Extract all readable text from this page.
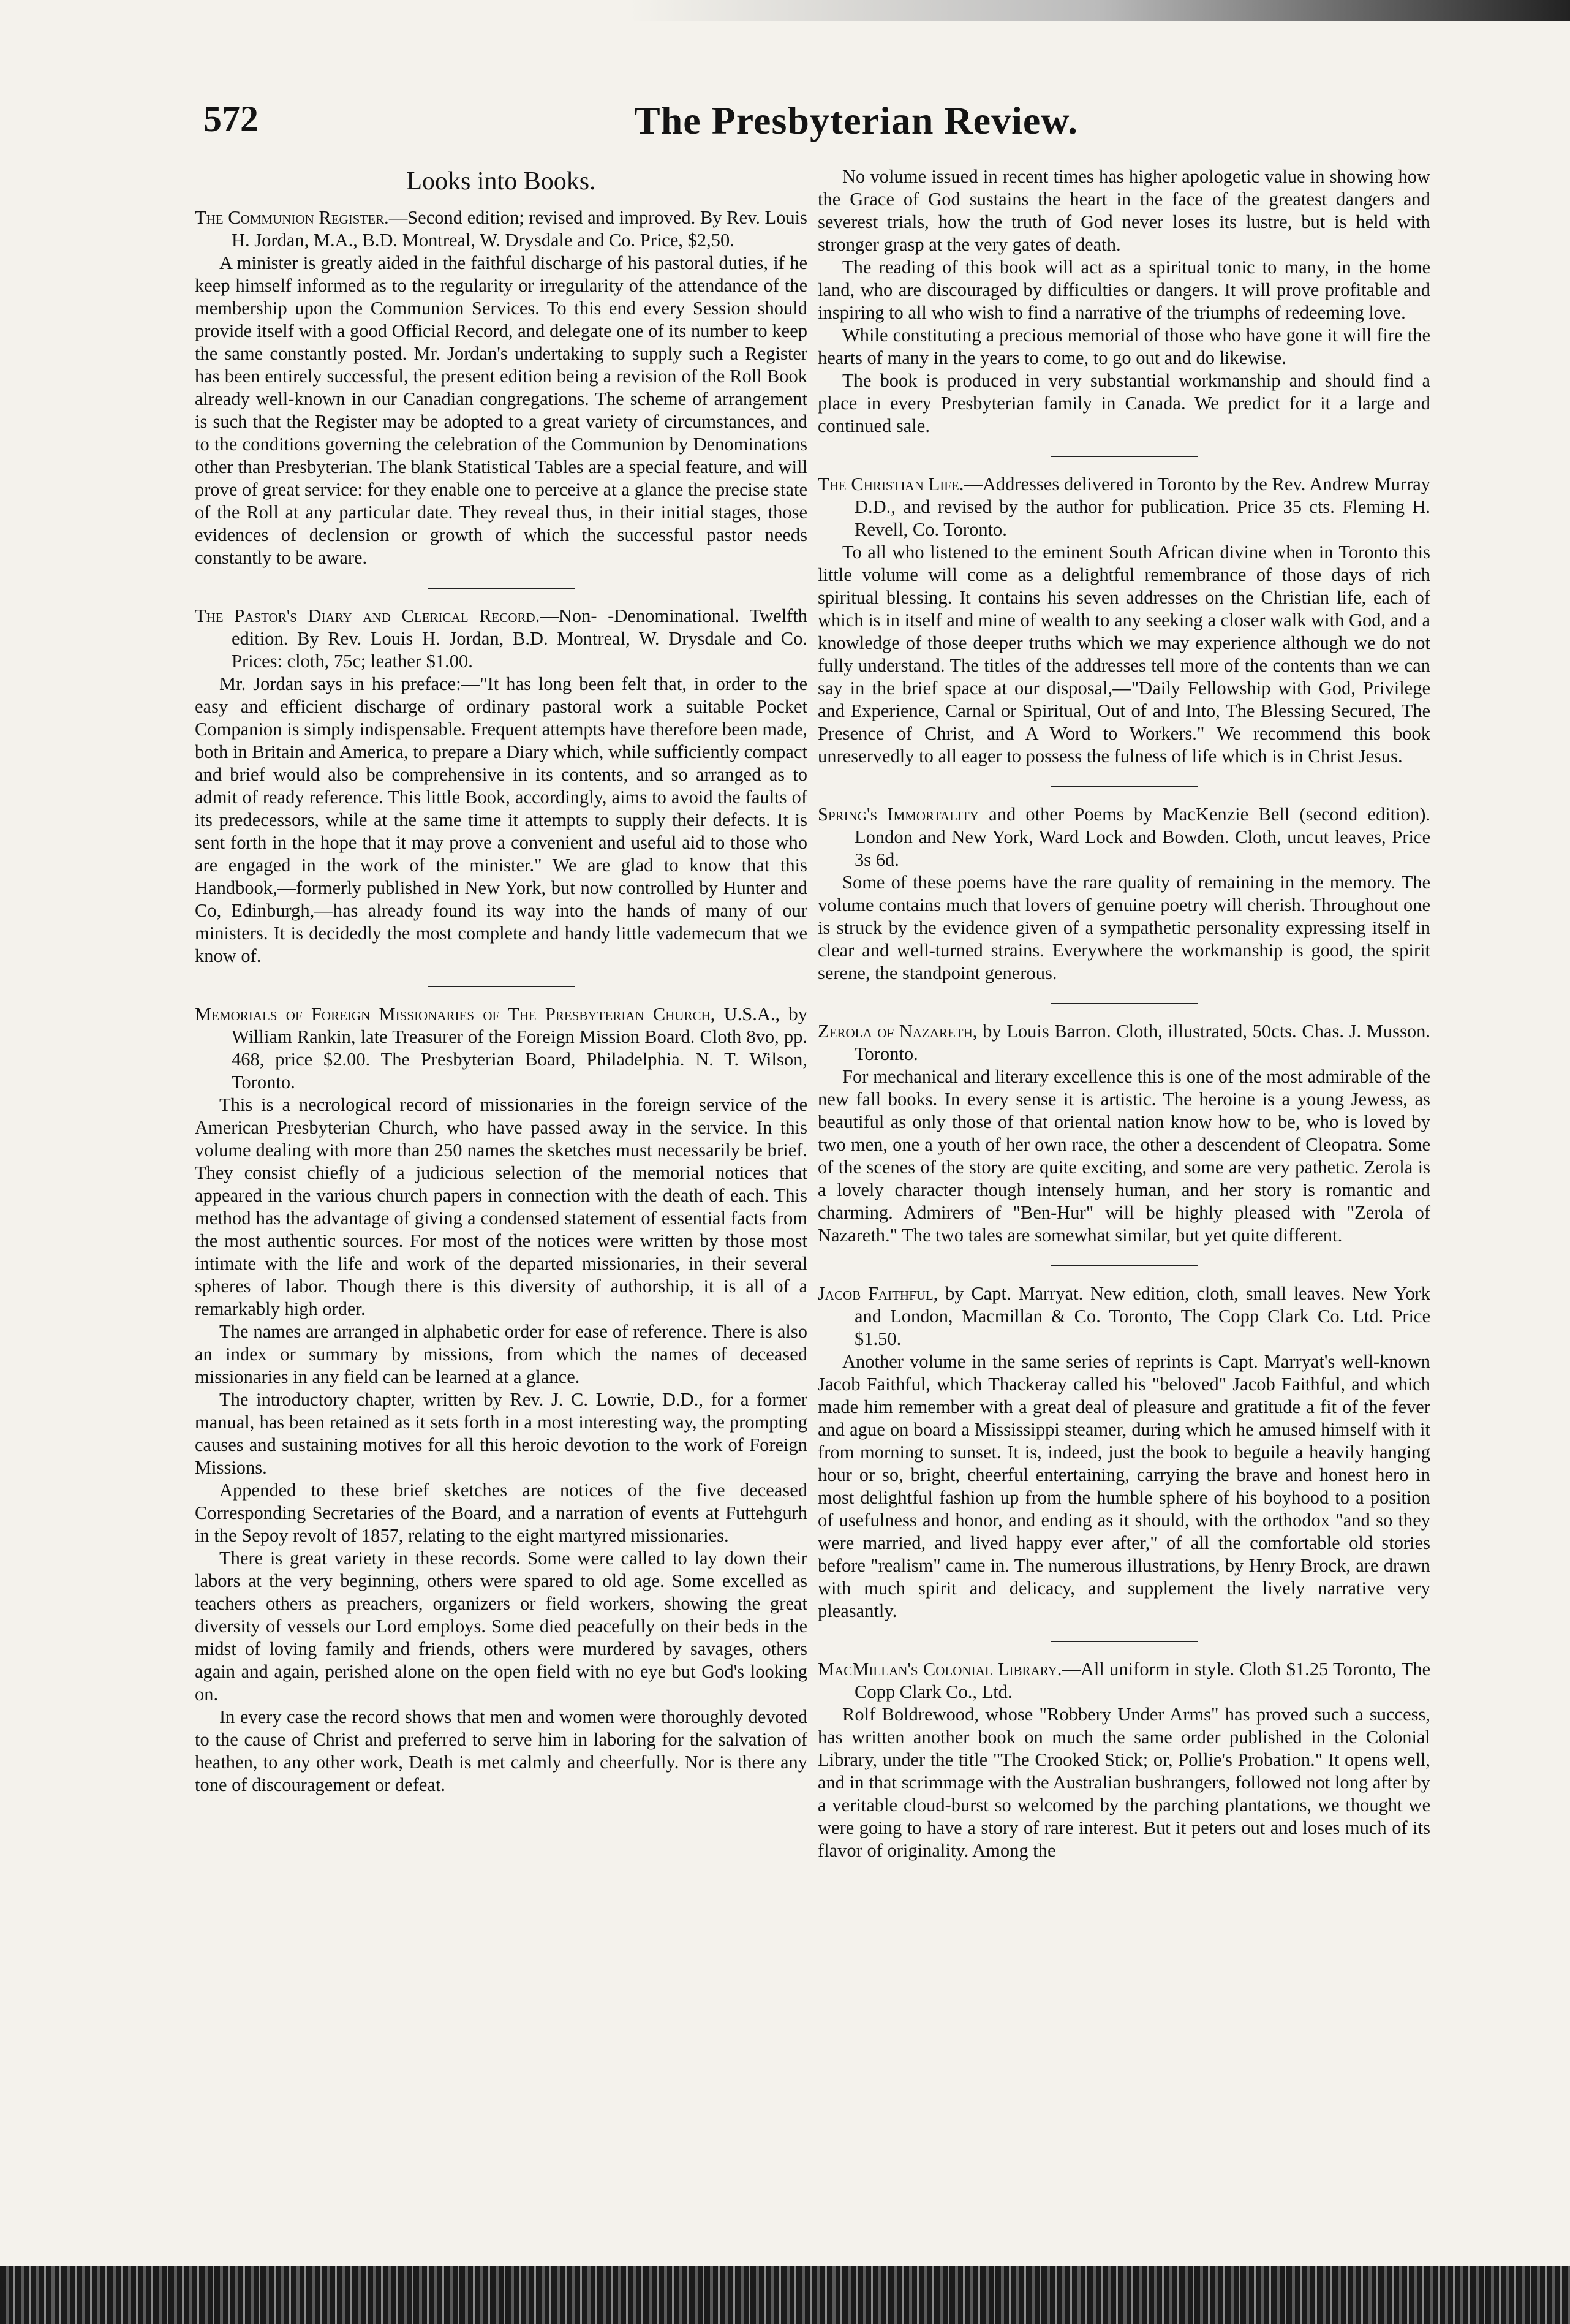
572	The Presbyterian Review.
Looks into Books.

The Communion Register.—Second edition; revised and improved. By Rev. Louis H. Jordan, M.A., B.D. Montreal, W. Drysdale and Co. Price, $2,50.

A minister is greatly aided in the faithful discharge of his pastoral duties, if he keep himself informed as to the regularity or irregularity of the attendance of the membership upon the Communion Services. To this end every Session should provide itself with a good Official Record, and delegate one of its number to keep the same constantly posted. Mr. Jordan's undertaking to supply such a Register has been entirely successful, the present edition being a revision of the Roll Book already well-known in our Canadian congregations. The scheme of arrangement is such that the Register may be adopted to a great variety of circumstances, and to the conditions governing the celebration of the Communion by Denominations other than Presbyterian. The blank Statistical Tables are a special feature, and will prove of great service: for they enable one to perceive at a glance the precise state of the Roll at any particular date. They reveal thus, in their initial stages, those evidences of declension or growth of which the successful pastor needs constantly to be aware.

The Pastor's Diary and Clerical Record.—Non- -Denominational. Twelfth edition. By Rev. Louis H. Jordan, B.D. Montreal, W. Drysdale and Co. Prices: cloth, 75c; leather $1.00.

Mr. Jordan says in his preface:—"It has long been felt that, in order to the easy and efficient discharge of ordinary pastoral work a suitable Pocket Companion is simply indispensable. Frequent attempts have therefore been made, both in Britain and America, to prepare a Diary which, while sufficiently compact and brief would also be comprehensive in its contents, and so arranged as to admit of ready reference. This little Book, accordingly, aims to avoid the faults of its predecessors, while at the same time it attempts to supply their defects. It is sent forth in the hope that it may prove a convenient and useful aid to those who are engaged in the work of the minister." We are glad to know that this Handbook,—formerly published in New York, but now controlled by Hunter and Co, Edinburgh,—has already found its way into the hands of many of our ministers. It is decidedly the most complete and handy little vademecum that we know of.

Memorials of Foreign Missionaries of The Presbyterian Church, U.S.A., by William Rankin, late Treasurer of the Foreign Mission Board. Cloth 8vo, pp. 468, price $2.00. The Presbyterian Board, Philadelphia. N. T. Wilson, Toronto.

This is a necrological record of missionaries in the foreign service of the American Presbyterian Church, who have passed away in the service. In this volume dealing with more than 250 names the sketches must necessarily be brief. They consist chiefly of a judicious selection of the memorial notices that appeared in the various church papers in connection with the death of each. This method has the advantage of giving a condensed statement of essential facts from the most authentic sources. For most of the notices were written by those most intimate with the life and work of the departed missionaries, in their several spheres of labor. Though there is this diversity of authorship, it is all of a remarkably high order.

The names are arranged in alphabetic order for ease of reference. There is also an index or summary by missions, from which the names of deceased missionaries in any field can be learned at a glance.

The introductory chapter, written by Rev. J. C. Lowrie, D.D., for a former manual, has been retained as it sets forth in a most interesting way, the prompting causes and sustaining motives for all this heroic devotion to the work of Foreign Missions.

Appended to these brief sketches are notices of the five deceased Corresponding Secretaries of the Board, and a narration of events at Futtehgurh in the Sepoy revolt of 1857, relating to the eight martyred missionaries.

There is great variety in these records. Some were called to lay down their labors at the very beginning, others were spared to old age. Some excelled as teachers others as preachers, organizers or field workers, showing the great diversity of vessels our Lord employs. Some died peacefully on their beds in the midst of loving family and friends, others were murdered by savages, others again and again, perished alone on the open field with no eye but God's looking on.

In every case the record shows that men and women were thoroughly devoted to the cause of Christ and preferred to serve him in laboring for the salvation of heathen, to any other work, Death is met calmly and cheerfully. Nor is there any tone of discouragement or defeat.

No volume issued in recent times has higher apologetic value in showing how the Grace of God sustains the heart in the face of the greatest dangers and severest trials, how the truth of God never loses its lustre, but is held with stronger grasp at the very gates of death.

The reading of this book will act as a spiritual tonic to many, in the home land, who are discouraged by difficulties or dangers. It will prove profitable and inspiring to all who wish to find a narrative of the triumphs of redeeming love.

While constituting a precious memorial of those who have gone it will fire the hearts of many in the years to come, to go out and do likewise.

The book is produced in very substantial workmanship and should find a place in every Presbyterian family in Canada. We predict for it a large and continued sale.

The Christian Life.—Addresses delivered in Toronto by the Rev. Andrew Murray D.D., and revised by the author for publication. Price 35 cts. Fleming H. Revell, Co. Toronto.

To all who listened to the eminent South African divine when in Toronto this little volume will come as a delightful remembrance of those days of rich spiritual blessing. It contains his seven addresses on the Christian life, each of which is in itself and mine of wealth to any seeking a closer walk with God, and a knowledge of those deeper truths which we may experience although we do not fully understand. The titles of the addresses tell more of the contents than we can say in the brief space at our disposal,—"Daily Fellowship with God, Privilege and Experience, Carnal or Spiritual, Out of and Into, The Blessing Secured, The Presence of Christ, and A Word to Workers." We recommend this book unreservedly to all eager to possess the fulness of life which is in Christ Jesus.

Spring's Immortality and other Poems by MacKenzie Bell (second edition). London and New York, Ward Lock and Bowden. Cloth, uncut leaves, Price 3s 6d.

Some of these poems have the rare quality of remaining in the memory. The volume contains much that lovers of genuine poetry will cherish. Throughout one is struck by the evidence given of a sympathetic personality expressing itself in clear and well-turned strains. Everywhere the workmanship is good, the spirit serene, the standpoint generous.

Zerola of Nazareth, by Louis Barron. Cloth, illustrated, 50cts. Chas. J. Musson. Toronto.

For mechanical and literary excellence this is one of the most admirable of the new fall books. In every sense it is artistic. The heroine is a young Jewess, as beautiful as only those of that oriental nation know how to be, who is loved by two men, one a youth of her own race, the other a descendent of Cleopatra. Some of the scenes of the story are quite exciting, and some are very pathetic. Zerola is a lovely character though intensely human, and her story is romantic and charming. Admirers of "Ben-Hur" will be highly pleased with "Zerola of Nazareth." The two tales are somewhat similar, but yet quite different.

Jacob Faithful, by Capt. Marryat. New edition, cloth, small leaves. New York and London, Macmillan & Co. Toronto, The Copp Clark Co. Ltd. Price $1.50.

Another volume in the same series of reprints is Capt. Marryat's well-known Jacob Faithful, which Thackeray called his "beloved" Jacob Faithful, and which made him remember with a great deal of pleasure and gratitude a fit of the fever and ague on board a Mississippi steamer, during which he amused himself with it from morning to sunset. It is, indeed, just the book to beguile a heavily hanging hour or so, bright, cheerful entertaining, carrying the brave and honest hero in most delightful fashion up from the humble sphere of his boyhood to a position of usefulness and honor, and ending as it should, with the orthodox "and so they were married, and lived happy ever after," of all the comfortable old stories before "realism" came in. The numerous illustrations, by Henry Brock, are drawn with much spirit and delicacy, and supplement the lively narrative very pleasantly.

MacMillan's Colonial Library.—All uniform in style. Cloth $1.25 Toronto, The Copp Clark Co., Ltd.

Rolf Boldrewood, whose "Robbery Under Arms" has proved such a success, has written another book on much the same order published in the Colonial Library, under the title "The Crooked Stick; or, Pollie's Probation." It opens well, and in that scrimmage with the Australian bushrangers, followed not long after by a veritable cloud-burst so welcomed by the parching plantations, we thought we were going to have a story of rare interest. But it peters out and loses much of its flavor of originality. Among the
